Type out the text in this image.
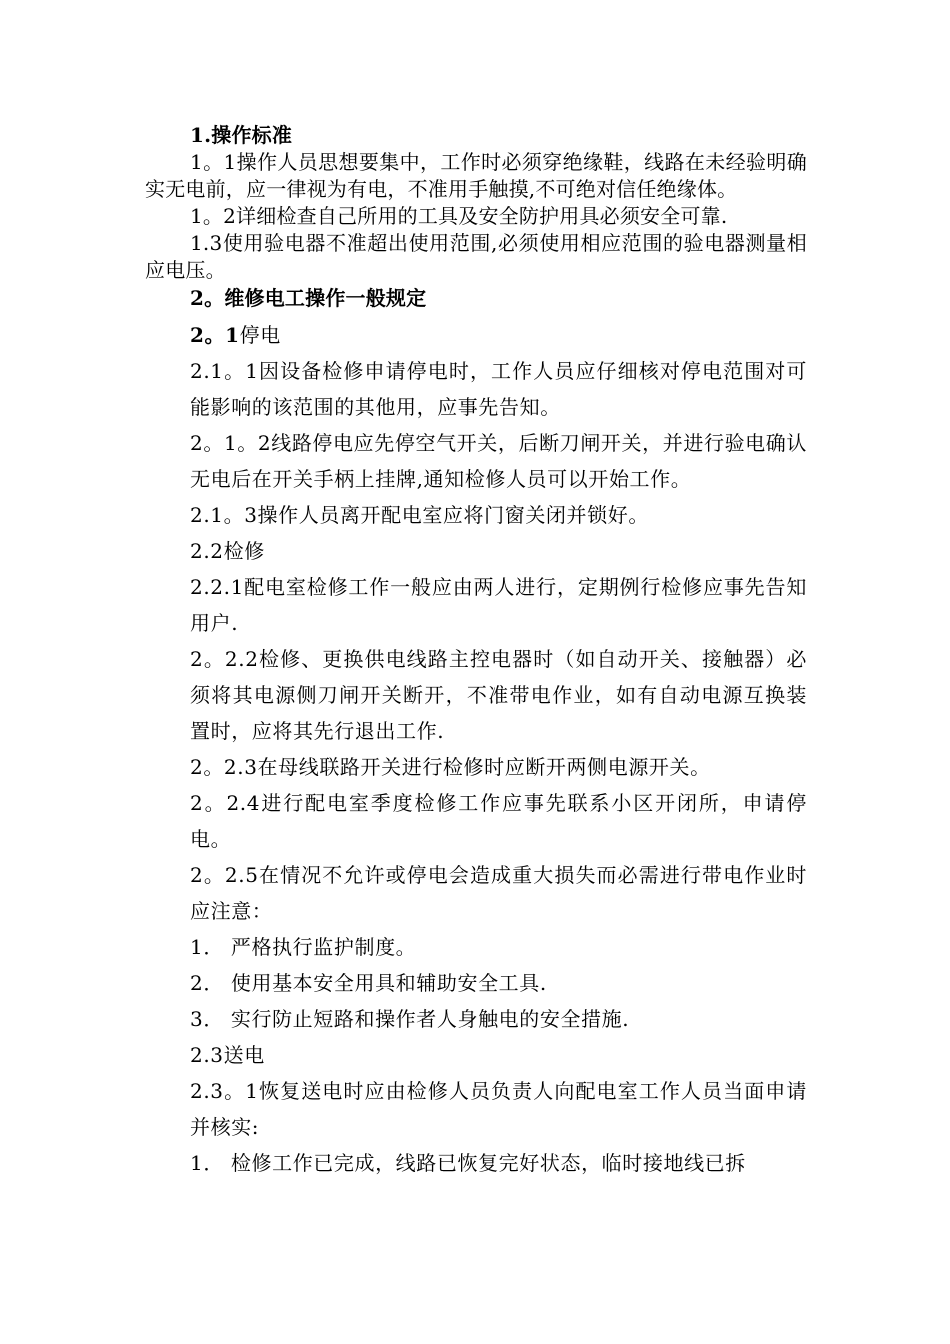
1.操作标准

1。1操作人员思想要集中，工作时必须穿绝缘鞋，线路在未经验明确实无电前，应一律视为有电，不准用手触摸,不可绝对信任绝缘体。

1。2详细检查自己所用的工具及安全防护用具必须安全可靠.

1.3使用验电器不准超出使用范围,必须使用相应范围的验电器测量相应电压。

2。维修电工操作一般规定

2。1停电

2.1。1因设备检修申请停电时，工作人员应仔细核对停电范围对可能影响的该范围的其他用，应事先告知。

2。1。2线路停电应先停空气开关，后断刀闸开关，并进行验电确认无电后在开关手柄上挂牌,通知检修人员可以开始工作。

2.1。3操作人员离开配电室应将门窗关闭并锁好。

2.2检修

2.2.1配电室检修工作一般应由两人进行，定期例行检修应事先告知用户.

2。2.2检修、更换供电线路主控电器时（如自动开关、接触器）必须将其电源侧刀闸开关断开，不准带电作业，如有自动电源互换装置时，应将其先行退出工作.

2。2.3在母线联路开关进行检修时应断开两侧电源开关。

2。2.4进行配电室季度检修工作应事先联系小区开闭所，申请停电。

2。2.5在情况不允许或停电会造成重大损失而必需进行带电作业时应注意：

1． 严格执行监护制度。

2． 使用基本安全用具和辅助安全工具.

3． 实行防止短路和操作者人身触电的安全措施.

2.3送电

2.3。1恢复送电时应由检修人员负责人向配电室工作人员当面申请并核实:

1． 检修工作已完成，线路已恢复完好状态，临时接地线已拆
